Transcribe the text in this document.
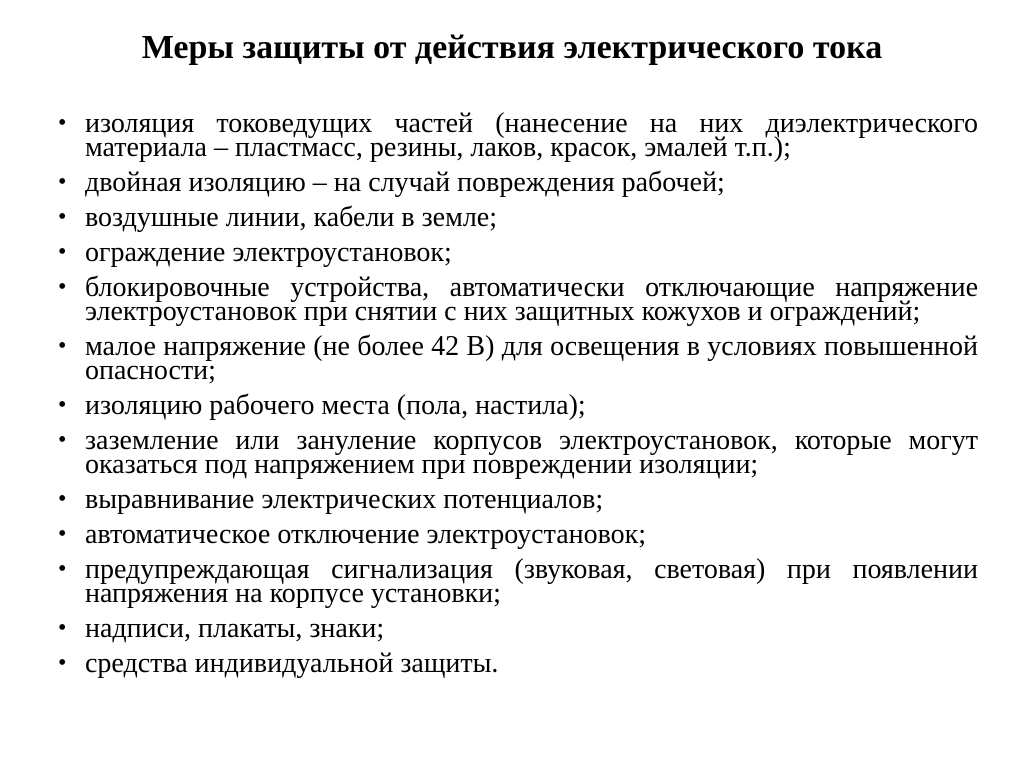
Меры защиты от действия электрического тока
• изоляция токоведущих частей (нанесение на них диэлектрического материала – пластмасс, резины, лаков, красок, эмалей т.п.);
• двойная изоляцию – на случай повреждения рабочей;
• воздушные линии, кабели в земле;
• ограждение электроустановок;
• блокировочные устройства, автоматически отключающие напряжение электроустановок при снятии с них защитных кожухов и ограждений;
• малое напряжение (не более 42 В) для освещения в условиях повышенной опасности;
• изоляцию рабочего места (пола, настила);
• заземление или зануление корпусов электроустановок, которые могут оказаться под напряжением при повреждении изоляции;
• выравнивание электрических потенциалов;
• автоматическое отключение электроустановок;
• предупреждающая сигнализация (звуковая, световая) при появлении напряжения на корпусе установки;
• надписи, плакаты, знаки;
• средства индивидуальной защиты.
